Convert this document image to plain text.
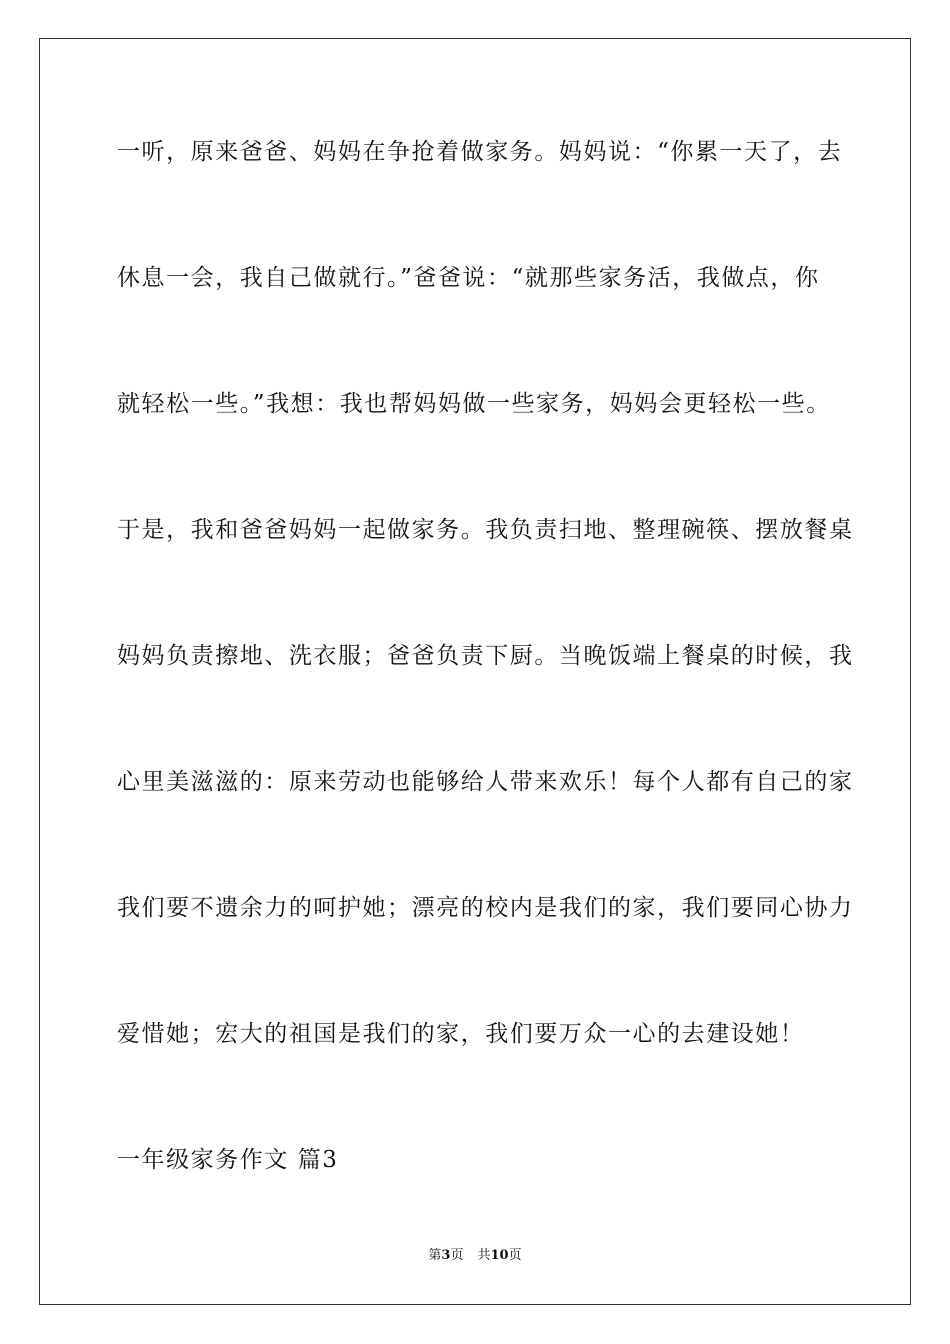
一听，原来爸爸、妈妈在争抢着做家务。妈妈说：“你累一天了，去
休息一会，我自己做就行。”爸爸说：“就那些家务活，我做点，你
就轻松一些。”我想：我也帮妈妈做一些家务，妈妈会更轻松一些。
于是，我和爸爸妈妈一起做家务。我负责扫地、整理碗筷、摆放餐桌
妈妈负责擦地、洗衣服；爸爸负责下厨。当晚饭端上餐桌的时候，我
心里美滋滋的：原来劳动也能够给人带来欢乐！每个人都有自己的家
我们要不遗余力的呵护她；漂亮的校内是我们的家，我们要同心协力
爱惜她；宏大的祖国是我们的家，我们要万众一心的去建设她！
一年级家务作文 篇3
第3页 共10页
